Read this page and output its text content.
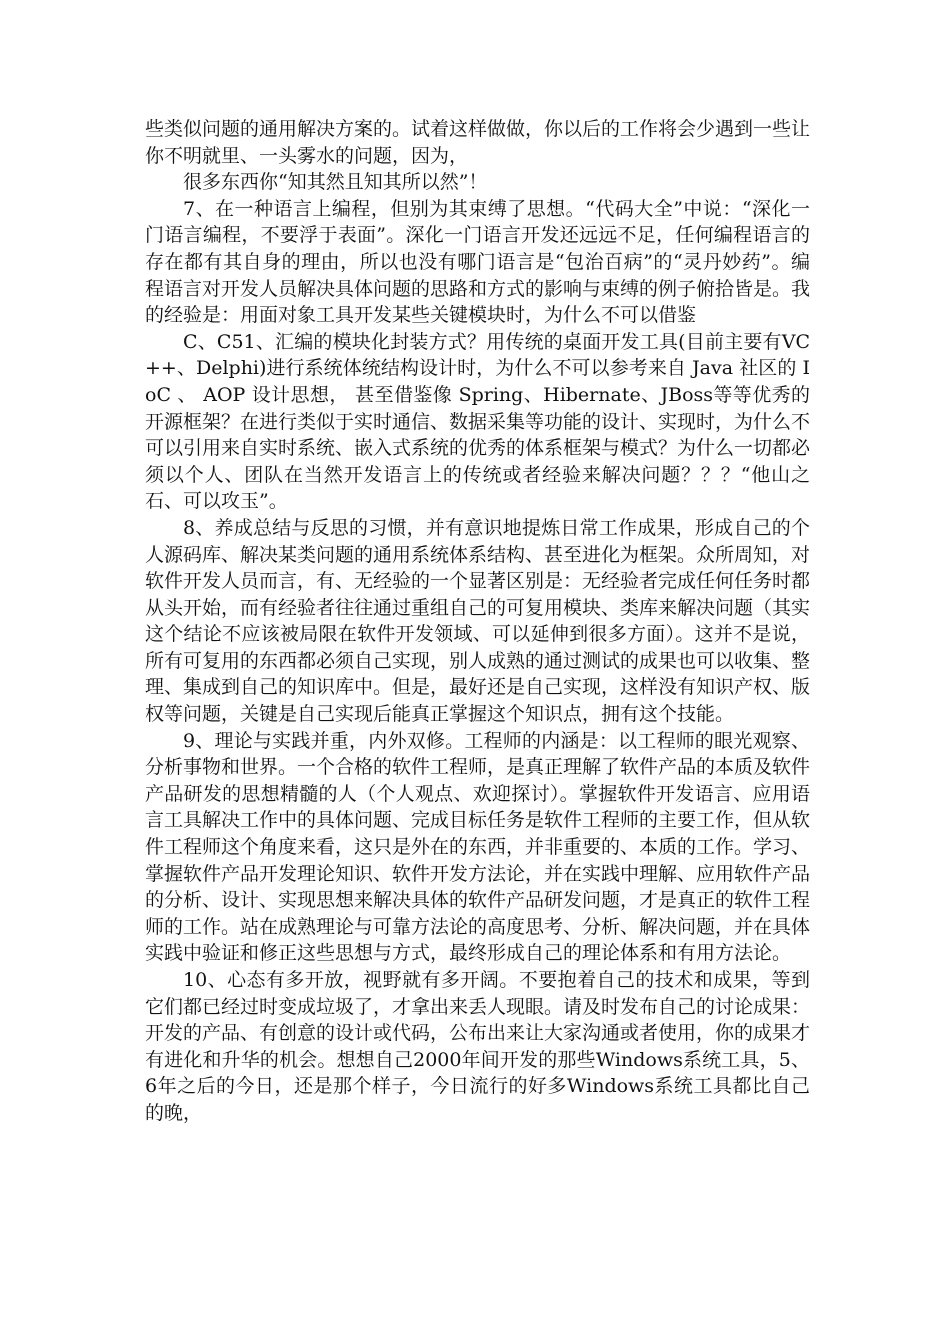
些类似问题的通用解决方案的。试着这样做做，你以后的工作将会少遇到一些让你不明就里、一头雾水的问题，因为，

很多东西你“知其然且知其所以然”！

7、在一种语言上编程，但别为其束缚了思想。“代码大全”中说：“深化一门语言编程，不要浮于表面”。深化一门语言开发还远远不足，任何编程语言的存在都有其自身的理由，所以也没有哪门语言是“包治百病”的“灵丹妙药”。编程语言对开发人员解决具体问题的思路和方式的影响与束缚的例子俯拾皆是。我的经验是：用面对象工具开发某些关键模块时，为什么不可以借鉴

C、C51、汇编的模块化封装方式？用传统的桌面开发工具(目前主要有VC++、Delphi)进行系统体统结构设计时，为什么不可以参考来自 Java 社区的 IoC 、 AOP 设计思想， 甚至借鉴像 Spring、Hibernate、JBoss等等优秀的开源框架？在进行类似于实时通信、数据采集等功能的设计、实现时，为什么不可以引用来自实时系统、嵌入式系统的优秀的体系框架与模式？为什么一切都必须以个人、团队在当然开发语言上的传统或者经验来解决问题？？？“他山之石、可以攻玉”。

8、养成总结与反思的习惯，并有意识地提炼日常工作成果，形成自己的个人源码库、解决某类问题的通用系统体系结构、甚至进化为框架。众所周知，对软件开发人员而言，有、无经验的一个显著区别是：无经验者完成任何任务时都从头开始，而有经验者往往通过重组自己的可复用模块、类库来解决问题（其实这个结论不应该被局限在软件开发领域、可以延伸到很多方面）。这并不是说，所有可复用的东西都必须自己实现，别人成熟的通过测试的成果也可以收集、整理、集成到自己的知识库中。但是，最好还是自己实现，这样没有知识产权、版权等问题，关键是自己实现后能真正掌握这个知识点，拥有这个技能。

9、理论与实践并重，内外双修。工程师的内涵是：以工程师的眼光观察、分析事物和世界。一个合格的软件工程师，是真正理解了软件产品的本质及软件产品研发的思想精髓的人（个人观点、欢迎探讨）。掌握软件开发语言、应用语言工具解决工作中的具体问题、完成目标任务是软件工程师的主要工作，但从软件工程师这个角度来看，这只是外在的东西，并非重要的、本质的工作。学习、掌握软件产品开发理论知识、软件开发方法论，并在实践中理解、应用软件产品的分析、设计、实现思想来解决具体的软件产品研发问题，才是真正的软件工程师的工作。站在成熟理论与可靠方法论的高度思考、分析、解决问题，并在具体实践中验证和修正这些思想与方式，最终形成自己的理论体系和有用方法论。

10、心态有多开放，视野就有多开阔。不要抱着自己的技术和成果，等到它们都已经过时变成垃圾了，才拿出来丢人现眼。请及时发布自己的讨论成果：开发的产品、有创意的设计或代码，公布出来让大家沟通或者使用，你的成果才有进化和升华的机会。想想自己2000年间开发的那些Windows系统工具，5、6年之后的今日，还是那个样子，今日流行的好多Windows系统工具都比自己的晚，
